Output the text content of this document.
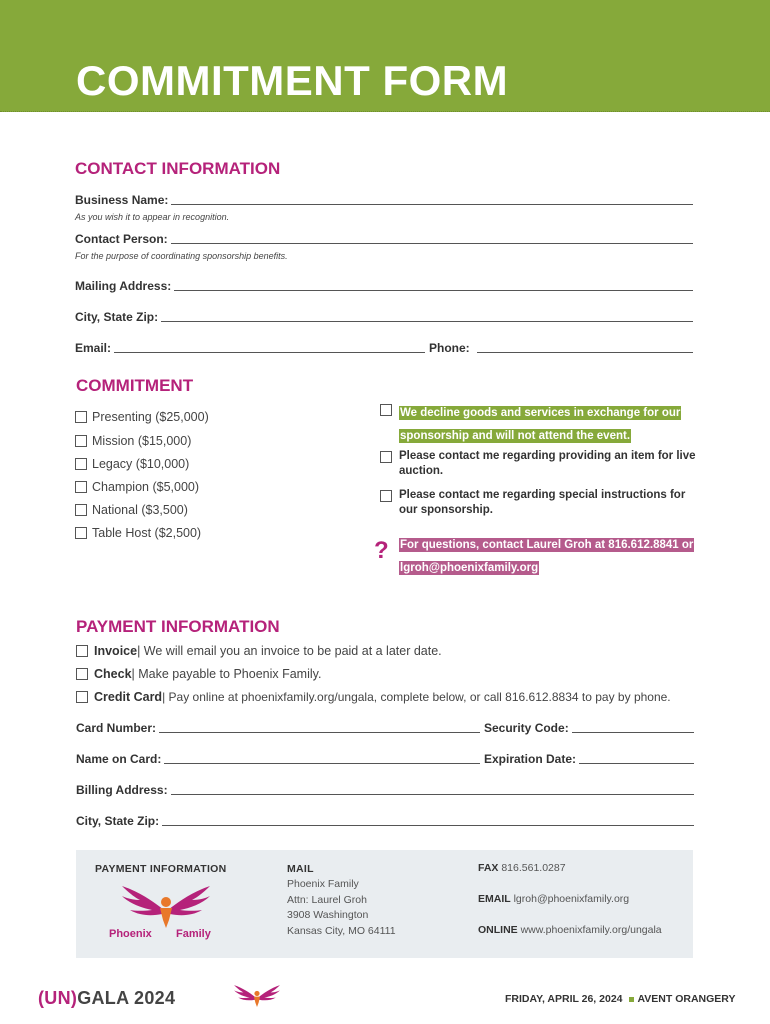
COMMITMENT FORM
CONTACT INFORMATION
Business Name:
As you wish it to appear in recognition.
Contact Person:
For the purpose of coordinating sponsorship benefits.
Mailing Address:
City, State Zip:
Email:	Phone:
COMMITMENT
Presenting ($25,000)
Mission ($15,000)
Legacy ($10,000)
Champion ($5,000)
National ($3,500)
Table Host ($2,500)
We decline goods and services in exchange for our sponsorship and will not attend the event.
Please contact me regarding providing an item for live auction.
Please contact me regarding special instructions for our sponsorship.
? For questions, contact Laurel Groh at 816.612.8841 or lgroh@phoenixfamily.org
PAYMENT INFORMATION
Invoice | We will email you an invoice to be paid at a later date.
Check | Make payable to Phoenix Family.
Credit Card | Pay online at phoenixfamily.org/ungala, complete below, or call 816.612.8834 to pay by phone.
Card Number:	Security Code:
Name on Card:	Expiration Date:
Billing Address:
City, State Zip:
PAYMENT INFORMATION
Phoenix Family
MAIL
Phoenix Family
Attn: Laurel Groh
3908 Washington
Kansas City, MO 64111
FAX 816.561.0287
EMAIL lgroh@phoenixfamily.org
ONLINE www.phoenixfamily.org/ungala
(UN)GALA 2024	FRIDAY, APRIL 26, 2024 AVENT ORANGERY
